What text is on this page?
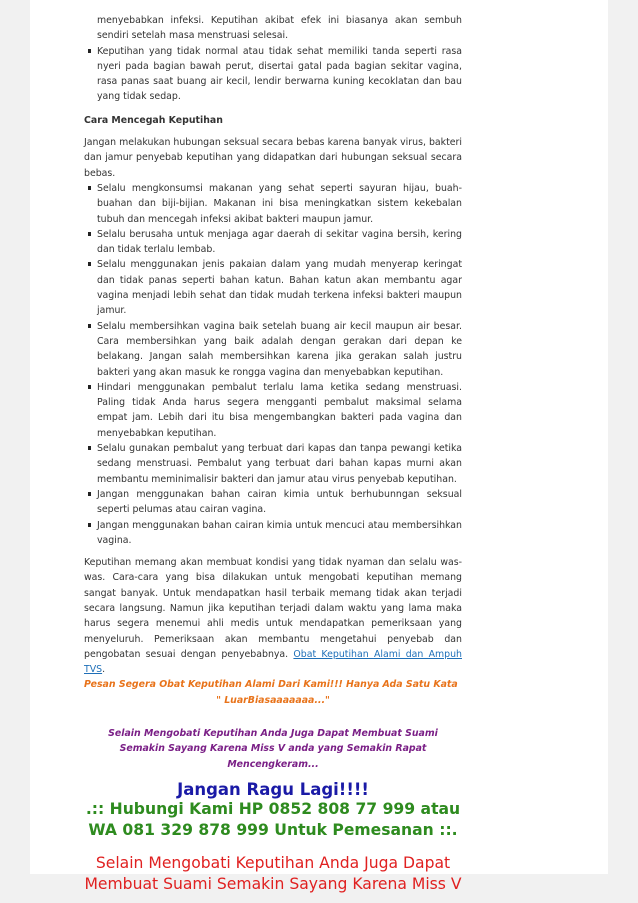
menyebabkan infeksi. Keputihan akibat efek ini biasanya akan sembuh sendiri setelah masa menstruasi selesai.
Keputihan yang tidak normal atau tidak sehat memiliki tanda seperti rasa nyeri pada bagian bawah perut, disertai gatal pada bagian sekitar vagina, rasa panas saat buang air kecil, lendir berwarna kuning kecoklatan dan bau yang tidak sedap.
Cara Mencegah Keputihan
Jangan melakukan hubungan seksual secara bebas karena banyak virus, bakteri dan jamur penyebab keputihan yang didapatkan dari hubungan seksual secara bebas.
Selalu mengkonsumsi makanan yang sehat seperti sayuran hijau, buah-buahan dan biji-bijian. Makanan ini bisa meningkatkan sistem kekebalan tubuh dan mencegah infeksi akibat bakteri maupun jamur.
Selalu berusaha untuk menjaga agar daerah di sekitar vagina bersih, kering dan tidak terlalu lembab.
Selalu menggunakan jenis pakaian dalam yang mudah menyerap keringat dan tidak panas seperti bahan katun. Bahan katun akan membantu agar vagina menjadi lebih sehat dan tidak mudah terkena infeksi bakteri maupun jamur.
Selalu membersihkan vagina baik setelah buang air kecil maupun air besar. Cara membersihkan yang baik adalah dengan gerakan dari depan ke belakang. Jangan salah membersihkan karena jika gerakan salah justru bakteri yang akan masuk ke rongga vagina dan menyebabkan keputihan.
Hindari menggunakan pembalut terlalu lama ketika sedang menstruasi. Paling tidak Anda harus segera mengganti pembalut maksimal selama empat jam. Lebih dari itu bisa mengembangkan bakteri pada vagina dan menyebabkan keputihan.
Selalu gunakan pembalut yang terbuat dari kapas dan tanpa pewangi ketika sedang menstruasi. Pembalut yang terbuat dari bahan kapas murni akan membantu meminimalisir bakteri dan jamur atau virus penyebab keputihan.
Jangan menggunakan bahan cairan kimia untuk berhubunngan seksual seperti pelumas atau cairan vagina.
Jangan menggunakan bahan cairan kimia untuk mencuci atau membersihkan vagina.
Keputihan memang akan membuat kondisi yang tidak nyaman dan selalu was-was. Cara-cara yang bisa dilakukan untuk mengobati keputihan memang sangat banyak. Untuk mendapatkan hasil terbaik memang tidak akan terjadi secara langsung. Namun jika keputihan terjadi dalam waktu yang lama maka harus segera menemui ahli medis untuk mendapatkan pemeriksaan yang menyeluruh. Pemeriksaan akan membantu mengetahui penyebab dan pengobatan sesuai dengan penyebabnya. Obat Keputihan Alami dan Ampuh TVS.
Pesan Segera Obat Keputihan Alami Dari Kami!!! Hanya Ada Satu Kata
" LuarBiasaaaaaaa..."
Selain Mengobati Keputihan Anda Juga Dapat Membuat Suami Semakin Sayang Karena Miss V anda yang Semakin Rapat Mencengkeram...
Jangan Ragu Lagi!!!!
.:: Hubungi Kami HP 0852 808 77 999 atau WA 081 329 878 999 Untuk Pemesanan ::.
Selain Mengobati Keputihan Anda Juga Dapat Membuat Suami Semakin Sayang Karena Miss V
